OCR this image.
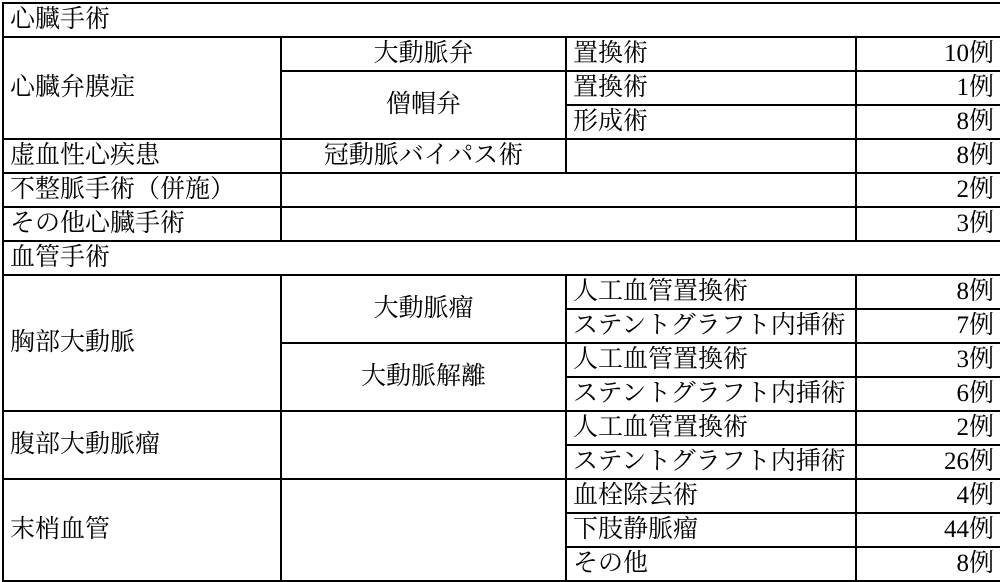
心臓手術			
心臓弁膜症	大動脈弁	置換術	10例
	僧帽弁	置換術	1例
		形成術	8例
虚血性心疾患	冠動脈バイパス術		8例
不整脈手術（併施）			2例
その他心臓手術			3例
血管手術			
胸部大動脈	大動脈瘤	人工血管置換術	8例
		ステントグラフト内挿術	7例
	大動脈解離	人工血管置換術	3例
		ステントグラフト内挿術	6例
腹部大動脈瘤		人工血管置換術	2例
		ステントグラフト内挿術	26例
末梢血管		血栓除去術	4例
		下肢静脈瘤	44例
		その他	8例
